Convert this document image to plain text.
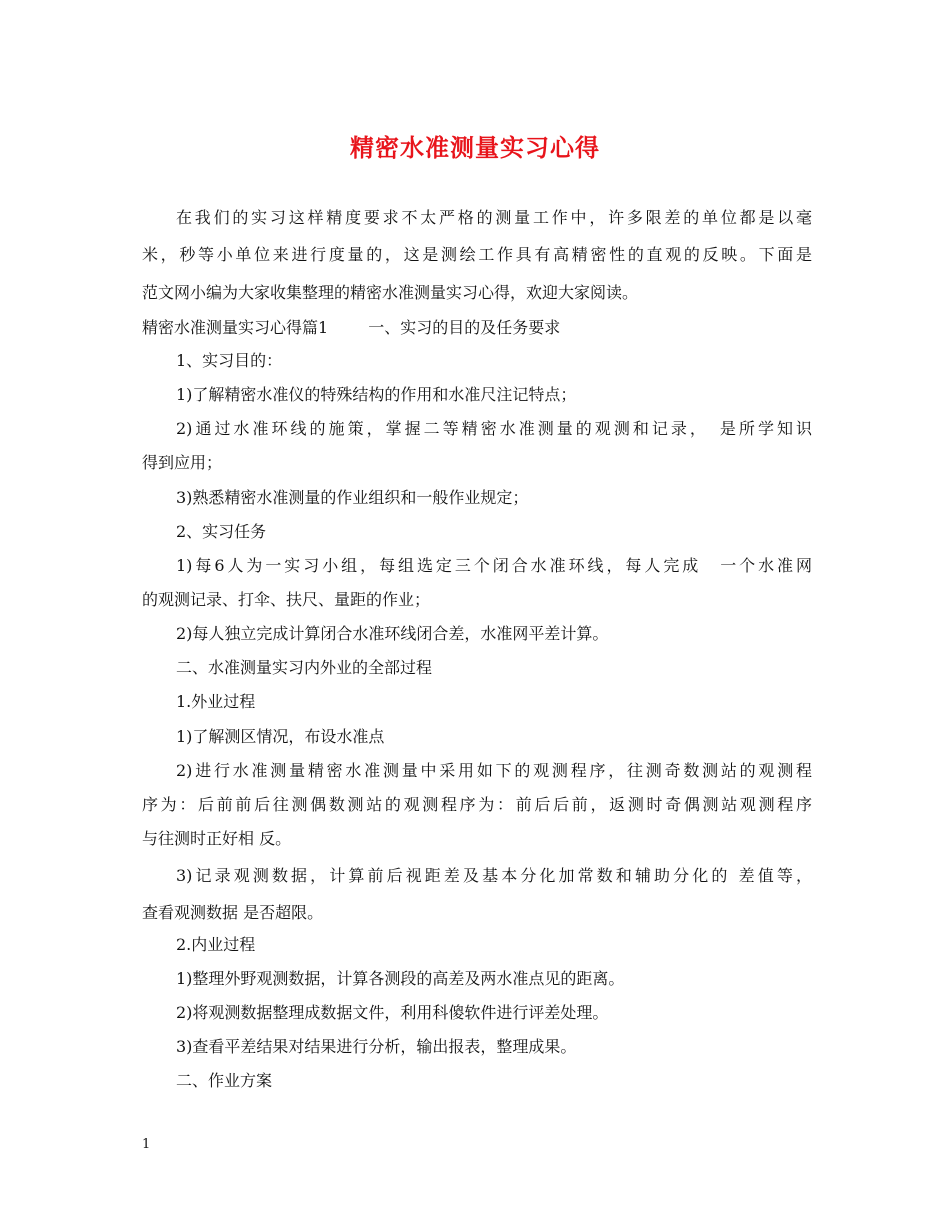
精密水准测量实习心得
在我们的实习这样精度要求不太严格的测量工作中，许多限差的单位都是以毫
米，秒等小单位来进行度量的，这是测绘工作具有高精密性的直观的反映。下面是
范文网小编为大家收集整理的精密水准测量实习心得，欢迎大家阅读。
精密水准测量实习心得篇1	一、实习的目的及任务要求
1、实习目的：
1)了解精密水准仪的特殊结构的作用和水准尺注记特点；
2)通过水准环线的施策，掌握二等精密水准测量的观测和记录，　是所学知识
得到应用；
3)熟悉精密水准测量的作业组织和一般作业规定；
2、实习任务
1)每6人为一实习小组，每组选定三个闭合水准环线，每人完成　一个水准网
的观测记录、打伞、扶尺、量距的作业；
2)每人独立完成计算闭合水准环线闭合差，水准网平差计算。
二、水准测量实习内外业的全部过程
1.外业过程
1)了解测区情况，布设水准点
2)进行水准测量精密水准测量中采用如下的观测程序，往测奇数测站的观测程
序为：后前前后往测偶数测站的观测程序为：前后后前，返测时奇偶测站观测程序
与往测时正好相 反。
3)记录观测数据，计算前后视距差及基本分化加常数和辅助分化的 差值等，
查看观测数据 是否超限。
2.内业过程
1)整理外野观测数据，计算各测段的高差及两水准点见的距离。
2)将观测数据整理成数据文件，利用科傻软件进行评差处理。
3)查看平差结果对结果进行分析，输出报表，整理成果。
二、作业方案
1
